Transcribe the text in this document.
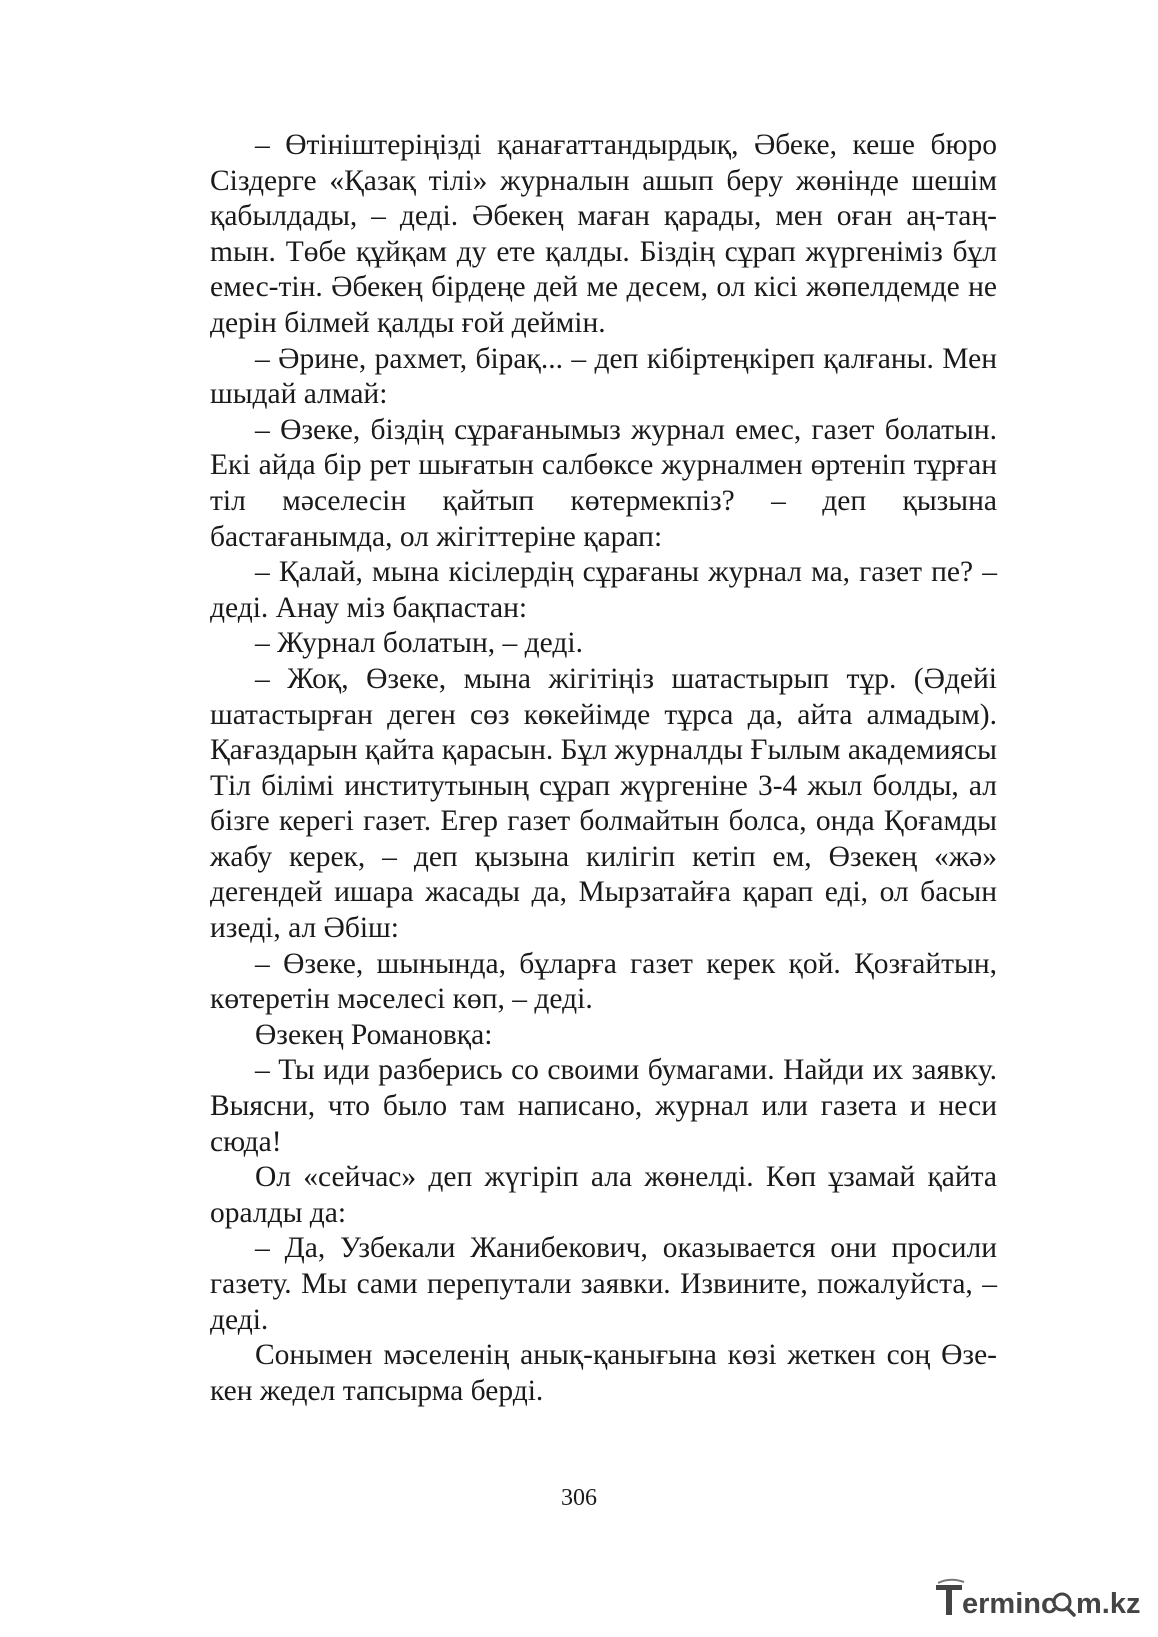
– Өтініштеріңізді қанағаттандырдық, Әбеке, кеше бюро Сіздерге «Қазақ тілі» журналын ашып беру жөнінде шешім қабылдады, – деді. Әбекең маған қарады, мен оған аң-таңmын. Төбе құйқам ду ете қалды. Біздің сұрап жүргеніміз бұл емес-тін. Әбекең бірдеңе дей ме десем, ол кісі жөпелдемде не дерін білмей қалды ғой деймін.

– Әрине, рахмет, бірақ... – деп кібіртеңкіреп қалғаны. Мен шыдай алмай:

– Өзеке, біздің сұрағанымыз журнал емес, газет болатын. Екі айда бір рет шығатын салбөксе журналмен өртеніп тұрған тіл мәселесін қайтып көтермекпіз? – деп қызына бастағанымда, ол жігіттеріне қарап:

– Қалай, мына кісілердің сұрағаны журнал ма, газет пе? – деді. Анау міз бақпастан:

– Журнал болатын, – деді.

– Жоқ, Өзеке, мына жігітіңіз шатастырып тұр. (Әдейі шатастырған деген сөз көкейімде тұрса да, айта алмадым). Қағаздарын қайта қарасын. Бұл журналды Ғылым академиясы Тіл білімі институтының сұрап жүргеніне 3-4 жыл болды, ал бізге керегі газет. Егер газет болмайтын болса, онда Қоғамды жабу керек, – деп қызына килігіп кетіп ем, Өзекең «жә» дегендей ишара жасады да, Мырзатайға қарап еді, ол басын изеді, ал Әбіш:

– Өзеке, шынында, бұларға газет керек қой. Қозғайтын, көтеретін мәселесі көп, – деді.

Өзекең Романовқа:

– Ты иди разберись со своими бумагами. Найди их заявку. Выясни, что было там написано, журнал или газета и неси сюда!

Ол «сейчас» деп жүгіріп ала жөнелді. Көп ұзамай қайта оралды да:

– Да, Узбекали Жанибекович, оказывается они просили газету. Мы сами перепутали заявки. Извините, пожалуйста, – деді.

Сонымен мәселенің анық-қанығына көзі жеткен соң Өзекен жедел тапсырма берді.

306
erminc m.kz
